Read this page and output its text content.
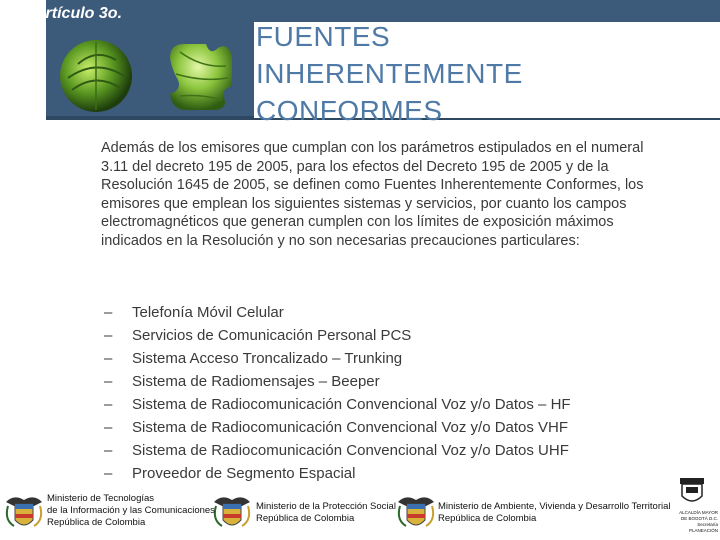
Artículo 3o.
FUENTES
INHERENTEMENTE
CONFORMES
Además de los emisores que cumplan con los parámetros estipulados en el numeral 3.11 del decreto 195 de 2005, para los efectos del Decreto 195 de 2005 y de la Resolución 1645 de 2005, se definen como Fuentes Inherentemente Conformes, los emisores que emplean los siguientes sistemas y servicios, por cuanto los campos electromagnéticos que generan cumplen con los límites de exposición máximos indicados en la Resolución y no son necesarias precauciones particulares:
– Telefonía Móvil Celular
– Servicios de Comunicación Personal PCS
– Sistema Acceso Troncalizado – Trunking
– Sistema de Radiomensajes – Beeper
– Sistema de Radiocomunicación Convencional Voz y/o Datos – HF
– Sistema de Radiocomunicación Convencional Voz y/o Datos VHF
– Sistema de Radiocomunicación Convencional Voz y/o Datos UHF
– Proveedor de Segmento Espacial
Ministerio de Tecnologías
de la Información y las Comunicaciones
República de Colombia
Ministerio de la Protección Social
República de Colombia
Ministerio de Ambiente, Vivienda y Desarrollo Territorial
República de Colombia
ALCALDÍA MAYOR
DE BOGOTÁ D.C.
Secretaría
PLANEACIÓN
